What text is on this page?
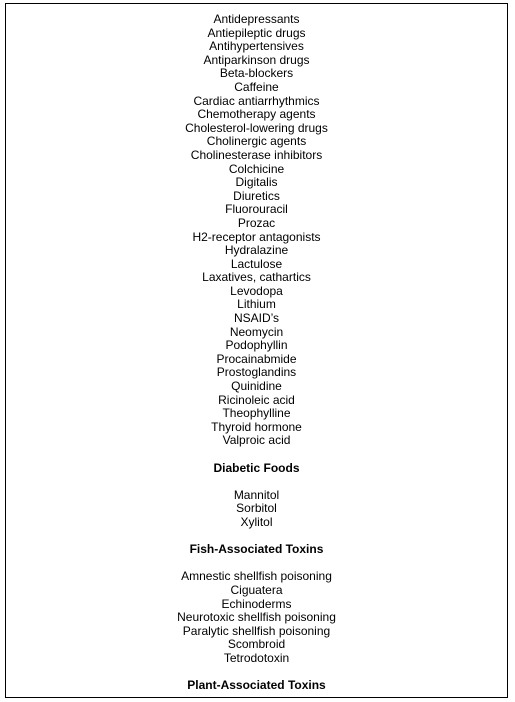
Antidepressants
Antiepileptic drugs
Antihypertensives
Antiparkinson drugs
Beta-blockers
Caffeine
Cardiac antiarrhythmics
Chemotherapy agents
Cholesterol-lowering drugs
Cholinergic agents
Cholinesterase inhibitors
Colchicine
Digitalis
Diuretics
Fluorouracil
Prozac
H2-receptor antagonists
Hydralazine
Lactulose
Laxatives, cathartics
Levodopa
Lithium
NSAID’s
Neomycin
Podophyllin
Procainabmide
Prostoglandins
Quinidine
Ricinoleic acid
Theophylline
Thyroid hormone
Valproic acid
Diabetic Foods
Mannitol
Sorbitol
Xylitol
Fish-Associated Toxins
Amnestic shellfish poisoning
Ciguatera
Echinoderms
Neurotoxic shellfish poisoning
Paralytic shellfish poisoning
Scombroid
Tetrodotoxin
Plant-Associated Toxins
